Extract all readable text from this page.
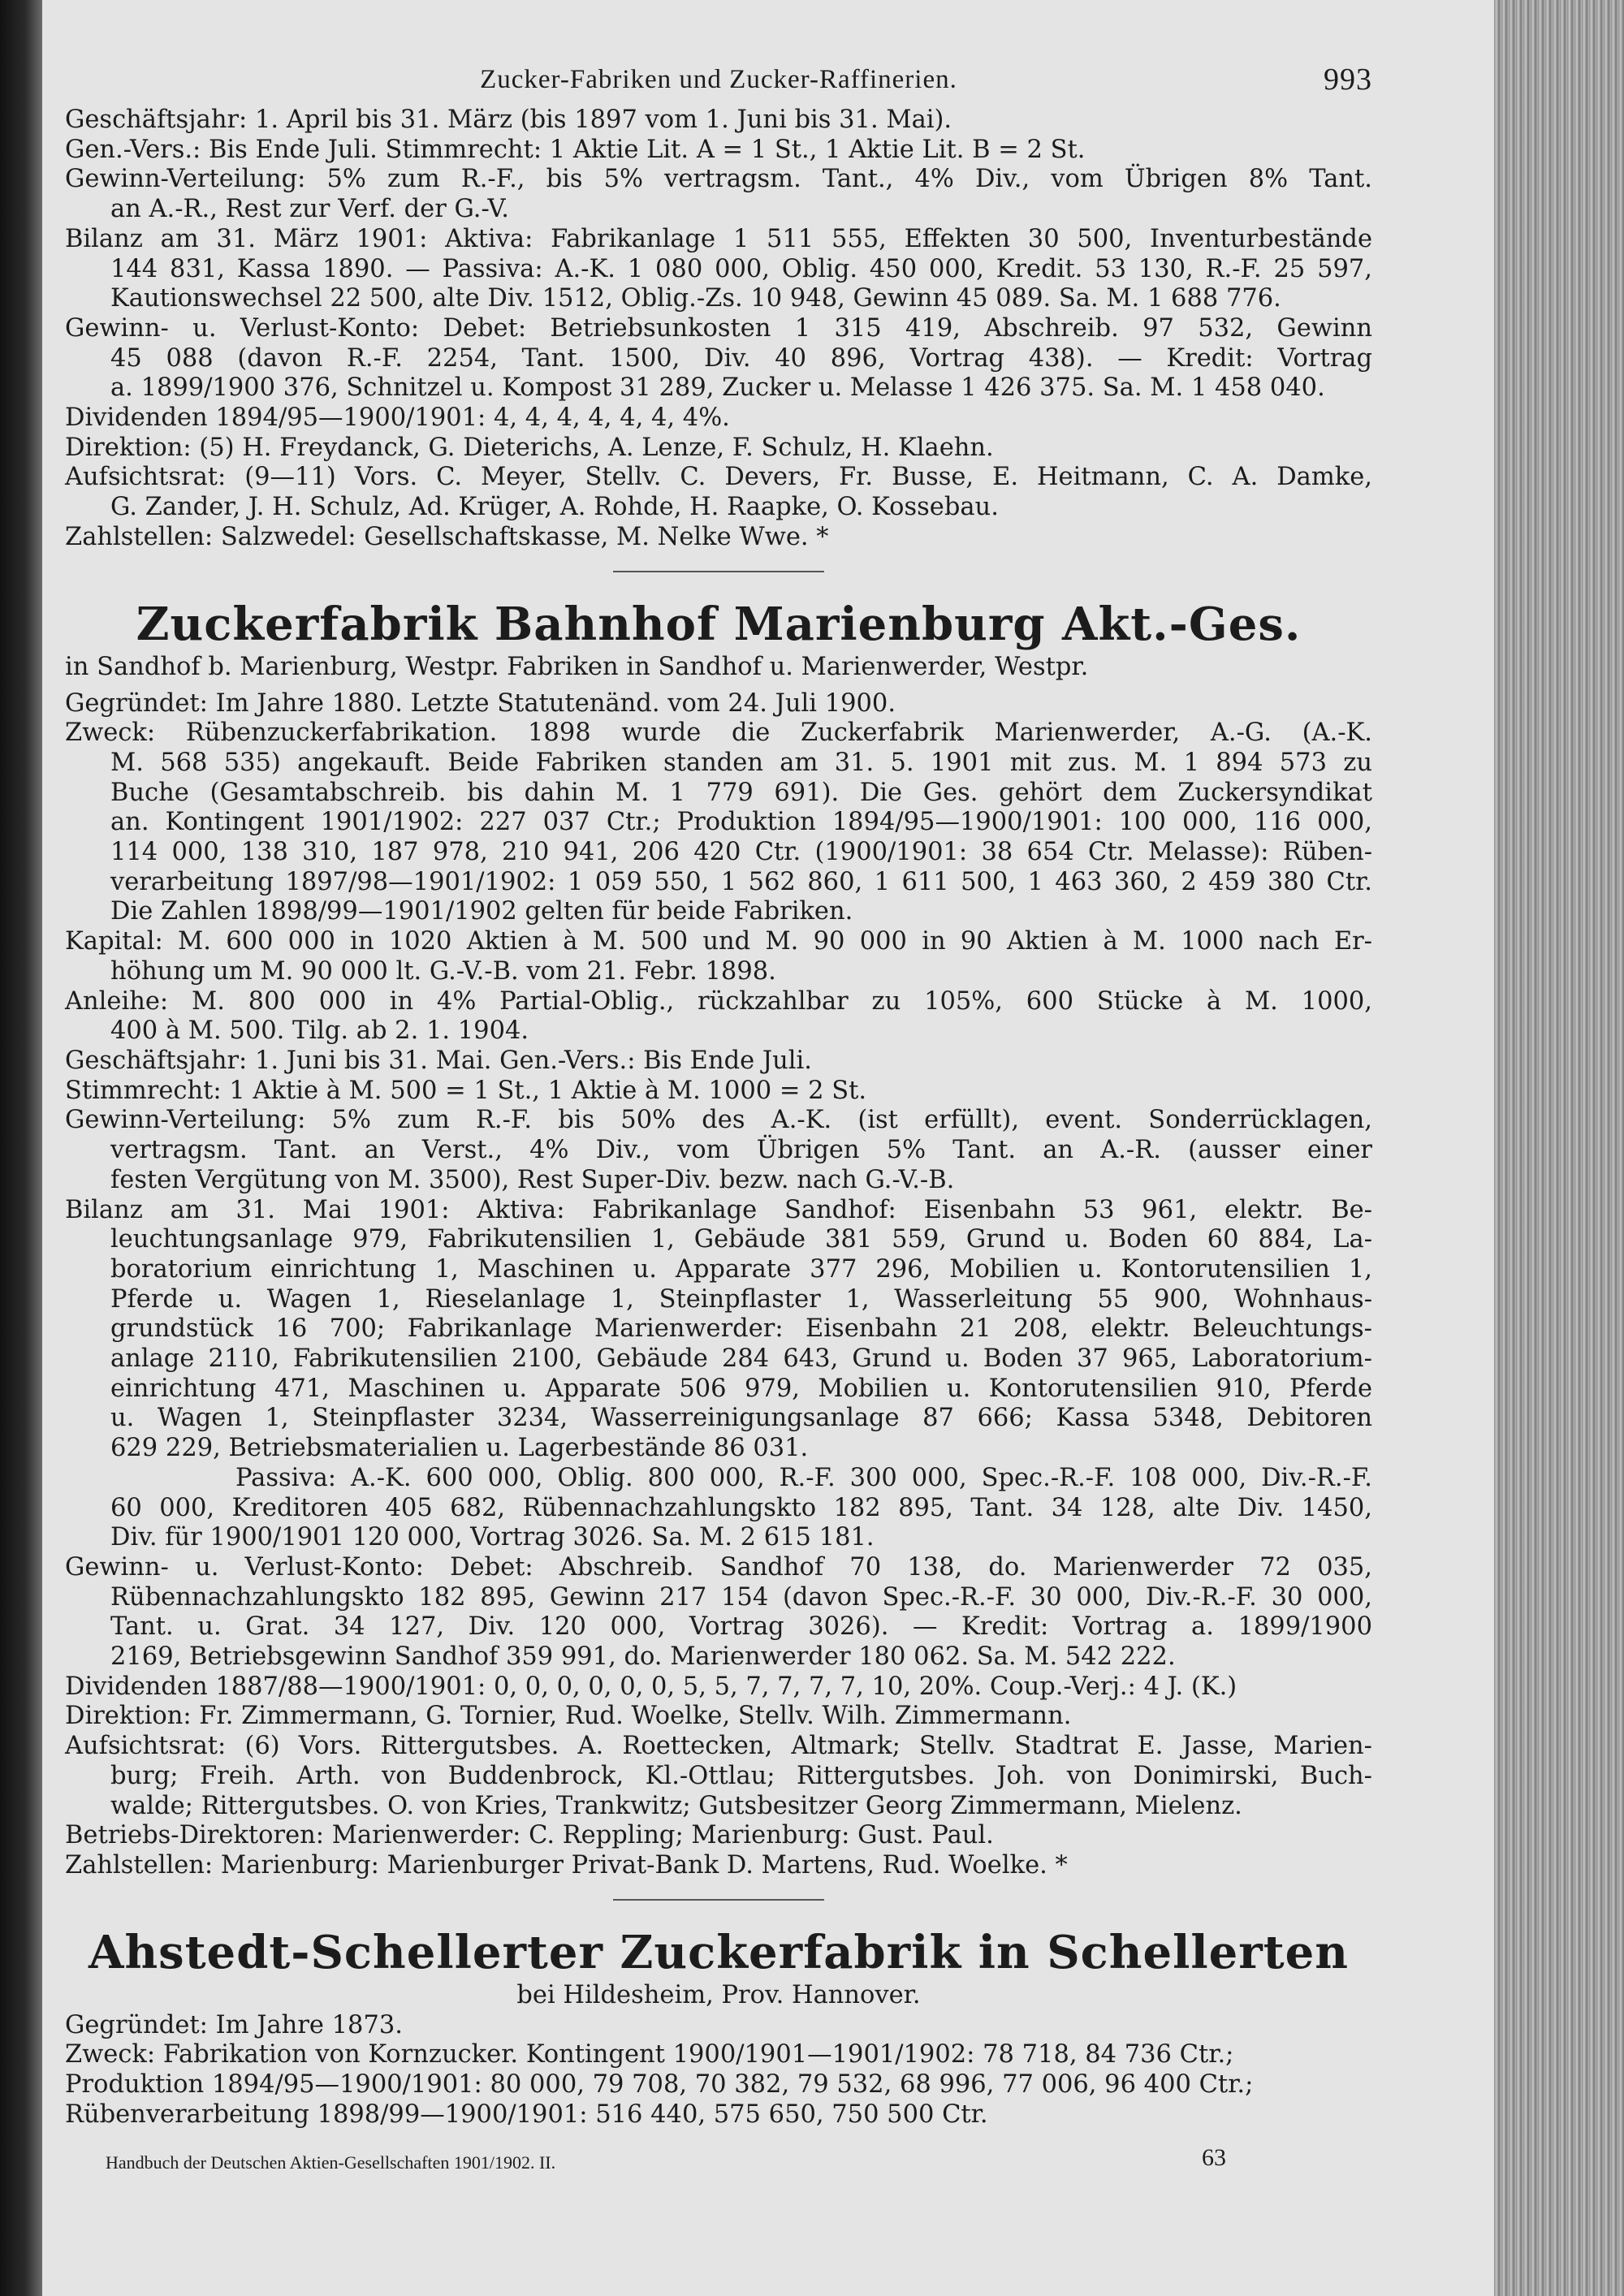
Zucker-Fabriken und Zucker-Raffinerien.	993
Geschäftsjahr: 1. April bis 31. März (bis 1897 vom 1. Juni bis 31. Mai).
Gen.-Vers.: Bis Ende Juli. Stimmrecht: 1 Aktie Lit. A = 1 St., 1 Aktie Lit. B = 2 St.
Gewinn-Verteilung: 5% zum R.-F., bis 5% vertragsm. Tant., 4% Div., vom Übrigen 8% Tant.
an A.-R., Rest zur Verf. der G.-V.
Bilanz am 31. März 1901: Aktiva: Fabrikanlage 1 511 555, Effekten 30 500, Inventurbestände
144 831, Kassa 1890. — Passiva: A.-K. 1 080 000, Oblig. 450 000, Kredit. 53 130, R.-F. 25 597,
Kautionswechsel 22 500, alte Div. 1512, Oblig.-Zs. 10 948, Gewinn 45 089. Sa. M. 1 688 776.
Gewinn- u. Verlust-Konto: Debet: Betriebsunkosten 1 315 419, Abschreib. 97 532, Gewinn
45 088 (davon R.-F. 2254, Tant. 1500, Div. 40 896, Vortrag 438). — Kredit: Vortrag
a. 1899/1900 376, Schnitzel u. Kompost 31 289, Zucker u. Melasse 1 426 375. Sa. M. 1 458 040.
Dividenden 1894/95—1900/1901: 4, 4, 4, 4, 4, 4, 4%.
Direktion: (5) H. Freydanck, G. Dieterichs, A. Lenze, F. Schulz, H. Klaehn.
Aufsichtsrat: (9—11) Vors. C. Meyer, Stellv. C. Devers, Fr. Busse, E. Heitmann, C. A. Damke,
G. Zander, J. H. Schulz, Ad. Krüger, A. Rohde, H. Raapke, O. Kossebau.
Zahlstellen: Salzwedel: Gesellschaftskasse, M. Nelke Wwe. *
Zuckerfabrik Bahnhof Marienburg Akt.-Ges.
in Sandhof b. Marienburg, Westpr. Fabriken in Sandhof u. Marienwerder, Westpr.
Gegründet: Im Jahre 1880. Letzte Statutenänd. vom 24. Juli 1900.
Zweck: Rübenzuckerfabrikation. 1898 wurde die Zuckerfabrik Marienwerder, A.-G. (A.-K.
M. 568 535) angekauft. Beide Fabriken standen am 31. 5. 1901 mit zus. M. 1 894 573 zu
Buche (Gesamtabschreib. bis dahin M. 1 779 691). Die Ges. gehört dem Zuckersyndikat
an. Kontingent 1901/1902: 227 037 Ctr.; Produktion 1894/95—1900/1901: 100 000, 116 000,
114 000, 138 310, 187 978, 210 941, 206 420 Ctr. (1900/1901: 38 654 Ctr. Melasse): Rüben-
verarbeitung 1897/98—1901/1902: 1 059 550, 1 562 860, 1 611 500, 1 463 360, 2 459 380 Ctr.
Die Zahlen 1898/99—1901/1902 gelten für beide Fabriken.
Kapital: M. 600 000 in 1020 Aktien à M. 500 und M. 90 000 in 90 Aktien à M. 1000 nach Er-
höhung um M. 90 000 lt. G.-V.-B. vom 21. Febr. 1898.
Anleihe: M. 800 000 in 4% Partial-Oblig., rückzahlbar zu 105%, 600 Stücke à M. 1000,
400 à M. 500. Tilg. ab 2. 1. 1904.
Geschäftsjahr: 1. Juni bis 31. Mai. Gen.-Vers.: Bis Ende Juli.
Stimmrecht: 1 Aktie à M. 500 = 1 St., 1 Aktie à M. 1000 = 2 St.
Gewinn-Verteilung: 5% zum R.-F. bis 50% des A.-K. (ist erfüllt), event. Sonderrücklagen,
vertragsm. Tant. an Verst., 4% Div., vom Übrigen 5% Tant. an A.-R. (ausser einer
festen Vergütung von M. 3500), Rest Super-Div. bezw. nach G.-V.-B.
Bilanz am 31. Mai 1901: Aktiva: Fabrikanlage Sandhof: Eisenbahn 53 961, elektr. Be-
leuchtungsanlage 979, Fabrikutensilien 1, Gebäude 381 559, Grund u. Boden 60 884, La-
boratorium einrichtung 1, Maschinen u. Apparate 377 296, Mobilien u. Kontorutensilien 1,
Pferde u. Wagen 1, Rieselanlage 1, Steinpflaster 1, Wasserleitung 55 900, Wohnhaus-
grundstück 16 700; Fabrikanlage Marienwerder: Eisenbahn 21 208, elektr. Beleuchtungs-
anlage 2110, Fabrikutensilien 2100, Gebäude 284 643, Grund u. Boden 37 965, Laboratorium-
einrichtung 471, Maschinen u. Apparate 506 979, Mobilien u. Kontorutensilien 910, Pferde
u. Wagen 1, Steinpflaster 3234, Wasserreinigungsanlage 87 666; Kassa 5348, Debitoren
629 229, Betriebsmaterialien u. Lagerbestände 86 031.
Passiva: A.-K. 600 000, Oblig. 800 000, R.-F. 300 000, Spec.-R.-F. 108 000, Div.-R.-F.
60 000, Kreditoren 405 682, Rübennachzahlungskto 182 895, Tant. 34 128, alte Div. 1450,
Div. für 1900/1901 120 000, Vortrag 3026. Sa. M. 2 615 181.
Gewinn- u. Verlust-Konto: Debet: Abschreib. Sandhof 70 138, do. Marienwerder 72 035,
Rübennachzahlungskto 182 895, Gewinn 217 154 (davon Spec.-R.-F. 30 000, Div.-R.-F. 30 000,
Tant. u. Grat. 34 127, Div. 120 000, Vortrag 3026). — Kredit: Vortrag a. 1899/1900
2169, Betriebsgewinn Sandhof 359 991, do. Marienwerder 180 062. Sa. M. 542 222.
Dividenden 1887/88—1900/1901: 0, 0, 0, 0, 0, 0, 5, 5, 7, 7, 7, 7, 10, 20%. Coup.-Verj.: 4 J. (K.)
Direktion: Fr. Zimmermann, G. Tornier, Rud. Woelke, Stellv. Wilh. Zimmermann.
Aufsichtsrat: (6) Vors. Rittergutsbes. A. Roettecken, Altmark; Stellv. Stadtrat E. Jasse, Marien-
burg; Freih. Arth. von Buddenbrock, Kl.-Ottlau; Rittergutsbes. Joh. von Donimirski, Buch-
walde; Rittergutsbes. O. von Kries, Trankwitz; Gutsbesitzer Georg Zimmermann, Mielenz.
Betriebs-Direktoren: Marienwerder: C. Reppling; Marienburg: Gust. Paul.
Zahlstellen: Marienburg: Marienburger Privat-Bank D. Martens, Rud. Woelke. *
Ahstedt-Schellerter Zuckerfabrik in Schellerten
bei Hildesheim, Prov. Hannover.
Gegründet: Im Jahre 1873.
Zweck: Fabrikation von Kornzucker. Kontingent 1900/1901—1901/1902: 78 718, 84 736 Ctr.;
Produktion 1894/95—1900/1901: 80 000, 79 708, 70 382, 79 532, 68 996, 77 006, 96 400 Ctr.;
Rübenverarbeitung 1898/99—1900/1901: 516 440, 575 650, 750 500 Ctr.
Handbuch der Deutschen Aktien-Gesellschaften 1901/1902. II.	63
